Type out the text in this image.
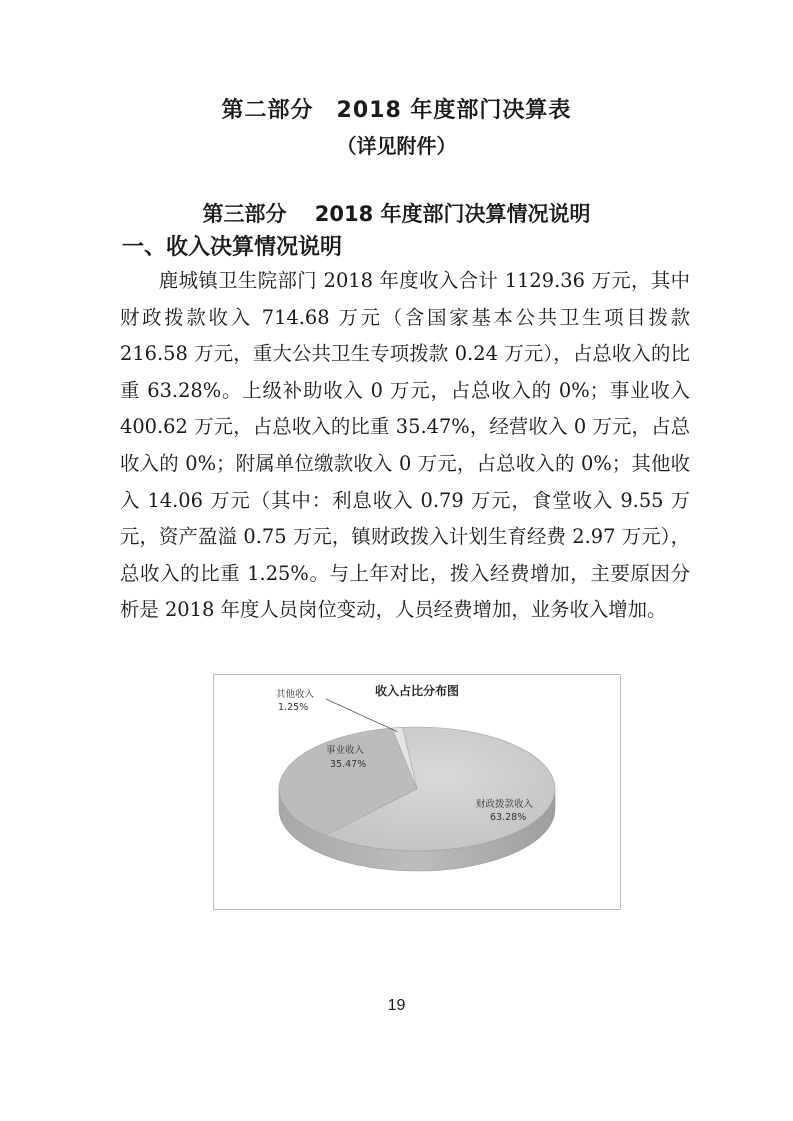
第二部分　2018 年度部门决算表
（详见附件）
第三部分　 2018 年度部门决算情况说明
一、收入决算情况说明

鹿城镇卫生院部门 2018 年度收入合计 1129.36 万元，其中财政拨款收入 714.68 万元（含国家基本公共卫生项目拨款 216.58 万元，重大公共卫生专项拨款 0.24 万元），占总收入的比重 63.28%。上级补助收入 0 万元，占总收入的 0%；事业收入 400.62 万元，占总收入的比重 35.47%，经营收入 0 万元，占总收入的 0%；附属单位缴款收入 0 万元，占总收入的 0%；其他收入 14.06 万元（其中：利息收入 0.79 万元，食堂收入 9.55 万元，资产盈溢 0.75 万元，镇财政拨入计划生育经费 2.97 万元），总收入的比重 1.25%。与上年对比，拨入经费增加，主要原因分析是 2018 年度人员岗位变动，人员经费增加，业务收入增加。

收入占比分布图
财政拨款收入
63.28%
事业收入
35.47%
其他收入
1.25%
19
